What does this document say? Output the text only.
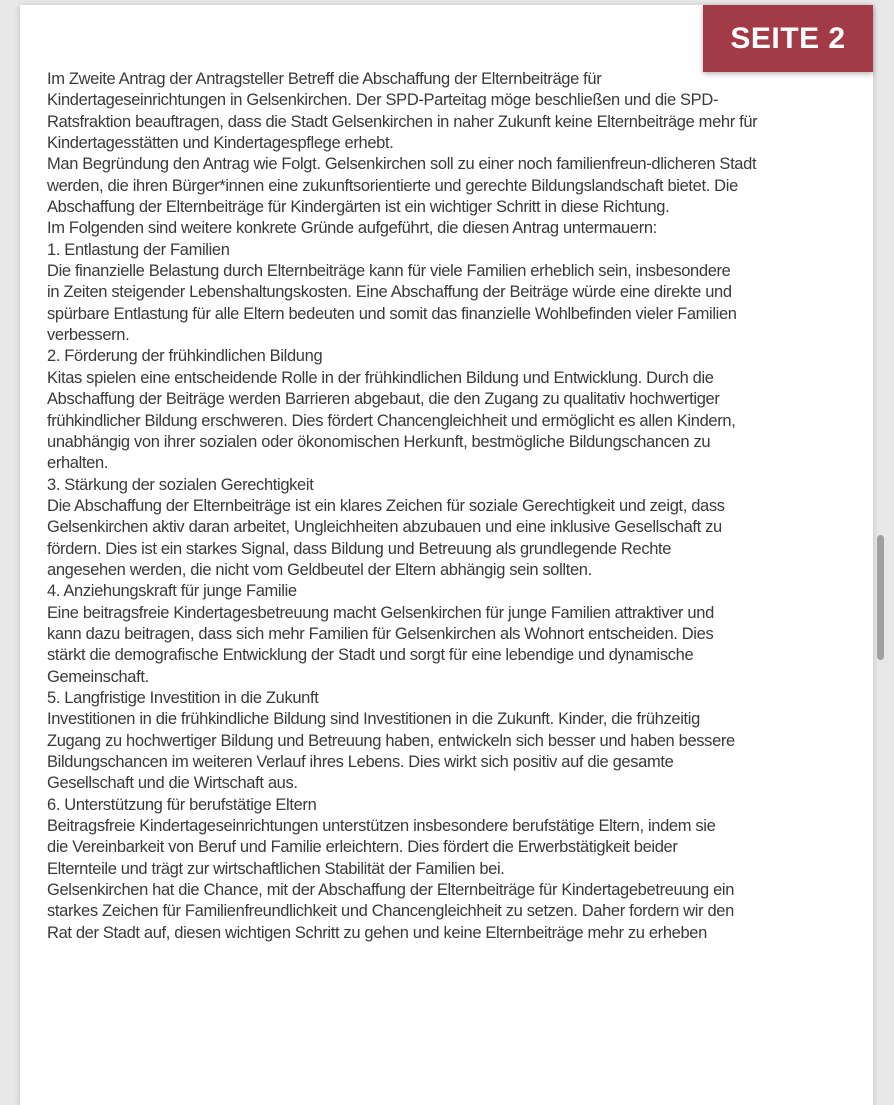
SEITE 2
Im Zweite Antrag der Antragsteller Betreff die Abschaffung der Elternbeiträge für
Kindertageseinrichtungen in Gelsenkirchen. Der SPD-Parteitag möge beschließen und die SPD-
Ratsfraktion beauftragen, dass die Stadt Gelsenkirchen in naher Zukunft keine Elternbeiträge mehr für
Kindertagesstätten und Kindertagespflege erhebt.
Man Begründung den Antrag wie Folgt. Gelsenkirchen soll zu einer noch familienfreun-dlicheren Stadt
werden, die ihren Bürger*innen eine zukunftsorientierte und gerechte Bildungslandschaft bietet. Die
Abschaffung der Elternbeiträge für Kindergärten ist ein wichtiger Schritt in diese Richtung.
Im Folgenden sind weitere konkrete Gründe aufgeführt, die diesen Antrag untermauern:
1. Entlastung der Familien
Die finanzielle Belastung durch Elternbeiträge kann für viele Familien erheblich sein, insbesondere
in Zeiten steigender Lebenshaltungskosten. Eine Abschaffung der Beiträge würde eine direkte und
spürbare Entlastung für alle Eltern bedeuten und somit das finanzielle Wohlbefinden vieler Familien
verbessern.
2. Förderung der frühkindlichen Bildung
Kitas spielen eine entscheidende Rolle in der frühkindlichen Bildung und Entwicklung. Durch die
Abschaffung der Beiträge werden Barrieren abgebaut, die den Zugang zu qualitativ hochwertiger
frühkindlicher Bildung erschweren. Dies fördert Chancengleichheit und ermöglicht es allen Kindern,
unabhängig von ihrer sozialen oder ökonomischen Herkunft, bestmögliche Bildungschancen zu
erhalten.
3. Stärkung der sozialen Gerechtigkeit
Die Abschaffung der Elternbeiträge ist ein klares Zeichen für soziale Gerechtigkeit und zeigt, dass
Gelsenkirchen aktiv daran arbeitet, Ungleichheiten abzubauen und eine inklusive Gesellschaft zu
fördern. Dies ist ein starkes Signal, dass Bildung und Betreuung als grundlegende Rechte
angesehen werden, die nicht vom Geldbeutel der Eltern abhängig sein sollten.
4. Anziehungskraft für junge Familie
Eine beitragsfreie Kindertagesbetreuung macht Gelsenkirchen für junge Familien attraktiver und
kann dazu beitragen, dass sich mehr Familien für Gelsenkirchen als Wohnort entscheiden. Dies
stärkt die demografische Entwicklung der Stadt und sorgt für eine lebendige und dynamische
Gemeinschaft.
5. Langfristige Investition in die Zukunft
Investitionen in die frühkindliche Bildung sind Investitionen in die Zukunft. Kinder, die frühzeitig
Zugang zu hochwertiger Bildung und Betreuung haben, entwickeln sich besser und haben bessere
Bildungschancen im weiteren Verlauf ihres Lebens. Dies wirkt sich positiv auf die gesamte
Gesellschaft und die Wirtschaft aus.
6. Unterstützung für berufstätige Eltern
Beitragsfreie Kindertageseinrichtungen unterstützen insbesondere berufstätige Eltern, indem sie
die Vereinbarkeit von Beruf und Familie erleichtern. Dies fördert die Erwerbstätigkeit beider
Elternteile und trägt zur wirtschaftlichen Stabilität der Familien bei.
Gelsenkirchen hat die Chance, mit der Abschaffung der Elternbeiträge für Kindertagebetreuung ein
starkes Zeichen für Familienfreundlichkeit und Chancengleichheit zu setzen. Daher fordern wir den
Rat der Stadt auf, diesen wichtigen Schritt zu gehen und keine Elternbeiträge mehr zu erheben
